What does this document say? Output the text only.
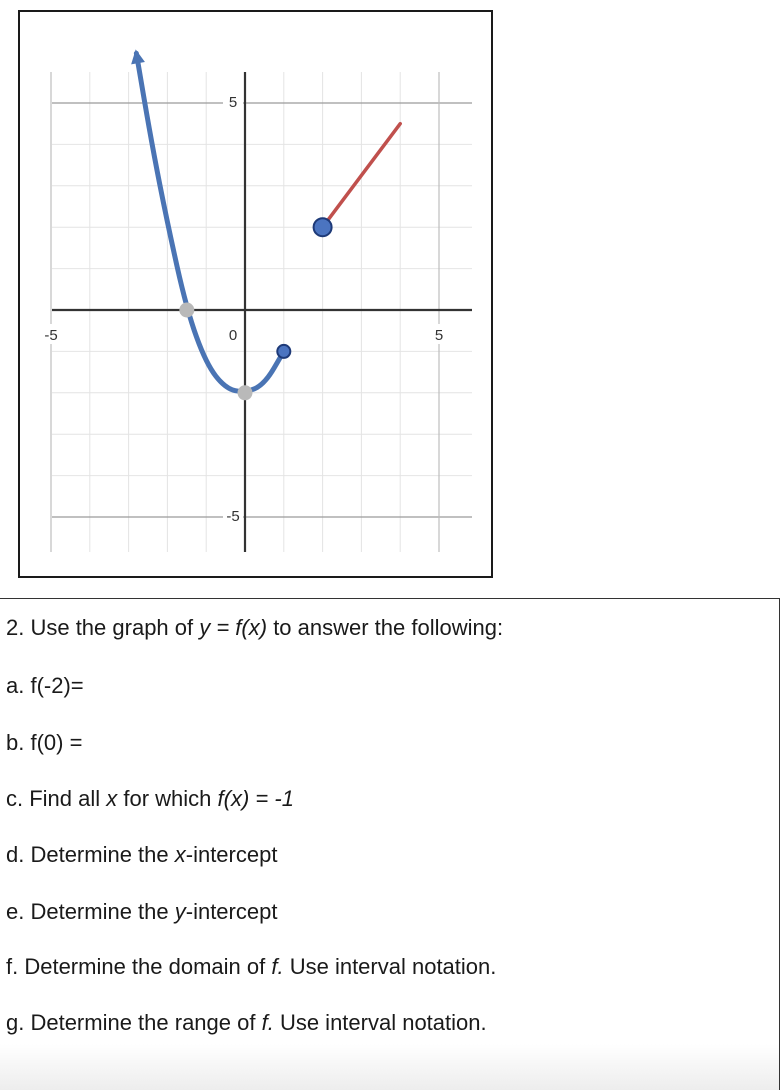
-5	0	5
5
-5
2. Use the graph of y = f(x) to answer the following:
a. f(-2)=
b. f(0) =
c. Find all x for which f(x) = -1
d. Determine the x-intercept
e. Determine the y-intercept
f. Determine the domain of f. Use interval notation.
g. Determine the range of f. Use interval notation.
